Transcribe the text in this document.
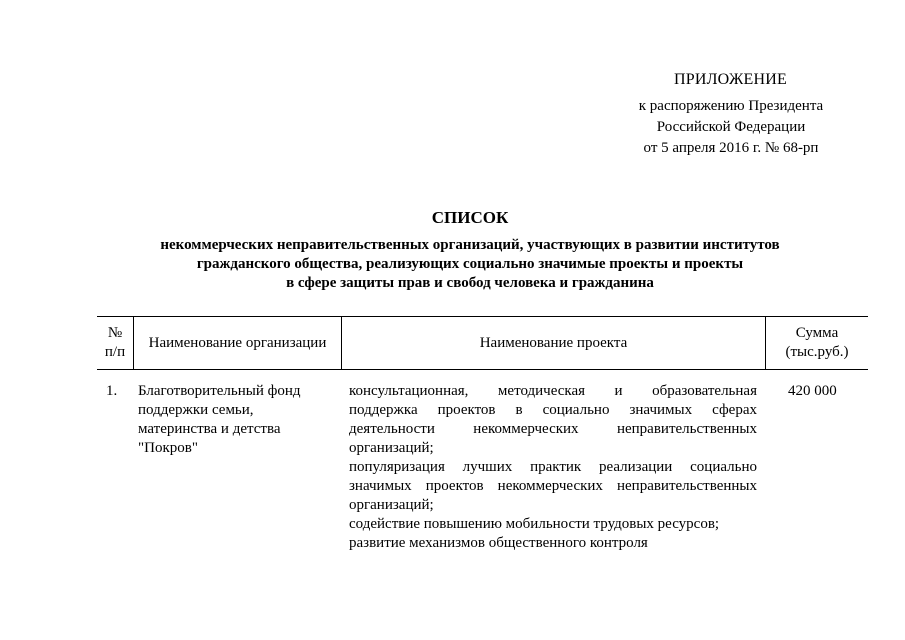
ПРИЛОЖЕНИЕ
к распоряжению Президента
Российской Федерации
от 5 апреля 2016 г. № 68-рп
СПИСОК
некоммерческих неправительственных организаций, участвующих в развитии институтов
гражданского общества, реализующих социально значимые проекты и проекты
в сфере защиты прав и свобод человека и гражданина
№
п/п
Наименование организации	Наименование проекта
Сумма
(тыс.руб.)
1. Благотворительный фонд
поддержки семьи,
материнства и детства
"Покров"
консультационная, методическая и образовательная
поддержка проектов в социально значимых сферах
деятельности некоммерческих неправительственных
организаций;
популяризация лучших практик реализации социально
значимых проектов некоммерческих неправительственных
организаций;
содействие повышению мобильности трудовых ресурсов;
развитие механизмов общественного контроля
420 000
